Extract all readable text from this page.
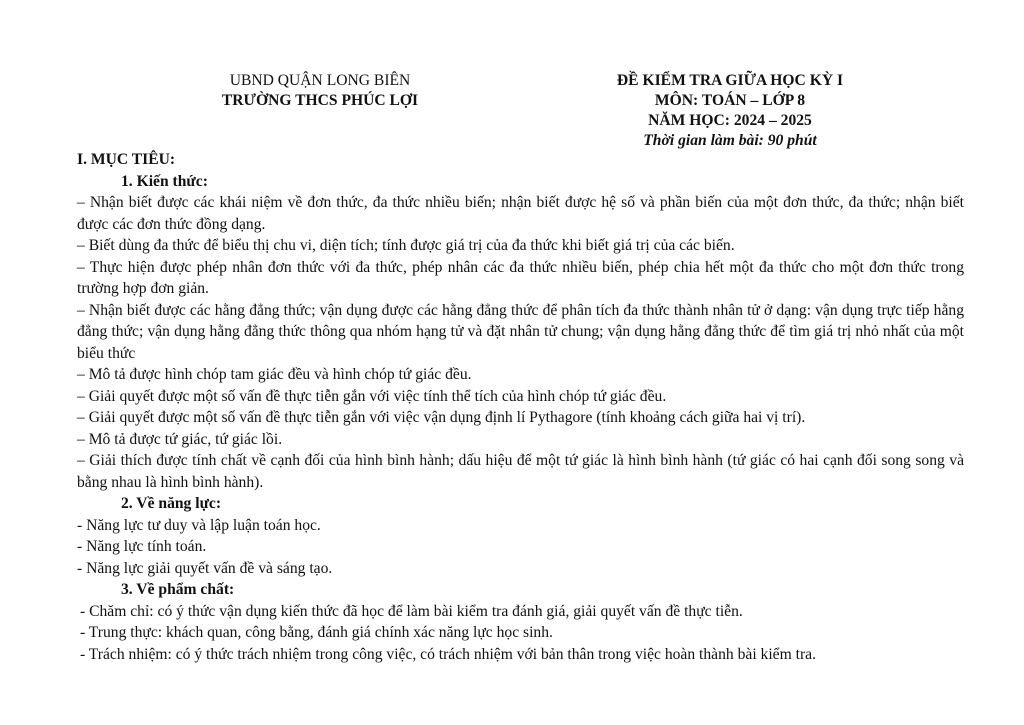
UBND QUẬN LONG BIÊN
TRƯỜNG THCS PHÚC LỢI
ĐỀ KIỂM TRA GIỮA HỌC KỲ I
MÔN: TOÁN – LỚP 8
NĂM HỌC: 2024 – 2025
Thời gian làm bài: 90 phút

I. MỤC TIÊU:

1. Kiến thức:

– Nhận biết được các khái niệm về đơn thức, đa thức nhiều biến; nhận biết được hệ số và phần biến của một đơn thức, đa thức; nhận biết được các đơn thức đồng dạng.

– Biết dùng đa thức để biểu thị chu vi, diện tích; tính được giá trị của đa thức khi biết giá trị của các biến.

– Thực hiện được phép nhân đơn thức với đa thức, phép nhân các đa thức nhiều biến, phép chia hết một đa thức cho một đơn thức trong trường hợp đơn giản.

– Nhận biết được các hằng đẳng thức; vận dụng được các hằng đẳng thức để phân tích đa thức thành nhân tử ở dạng: vận dụng trực tiếp hằng đẳng thức; vận dụng hằng đẳng thức thông qua nhóm hạng tử và đặt nhân tử chung; vận dụng hằng đẳng thức để tìm giá trị nhỏ nhất của một biểu thức

– Mô tả được hình chóp tam giác đều và hình chóp tứ giác đều.

– Giải quyết được một số vấn đề thực tiễn gắn với việc tính thể tích của hình chóp tứ giác đều.

– Giải quyết được một số vấn đề thực tiễn gắn với việc vận dụng định lí Pythagore (tính khoảng cách giữa hai vị trí).

– Mô tả được tứ giác, tứ giác lồi.

– Giải thích được tính chất về cạnh đối của hình bình hành; dấu hiệu để một tứ giác là hình bình hành (tứ giác có hai cạnh đối song song và bằng nhau là hình bình hành).

2. Về năng lực:

- Năng lực tư duy và lập luận toán học.

- Năng lực tính toán.

- Năng lực giải quyết vấn đề và sáng tạo.

3. Về phẩm chất:

- Chăm chỉ: có ý thức vận dụng kiến thức đã học để làm bài kiểm tra đánh giá, giải quyết vấn đề thực tiễn.

- Trung thực: khách quan, công bằng, đánh giá chính xác năng lực học sinh.

- Trách nhiệm: có ý thức trách nhiệm trong công việc, có trách nhiệm với bản thân trong việc hoàn thành bài kiểm tra.
